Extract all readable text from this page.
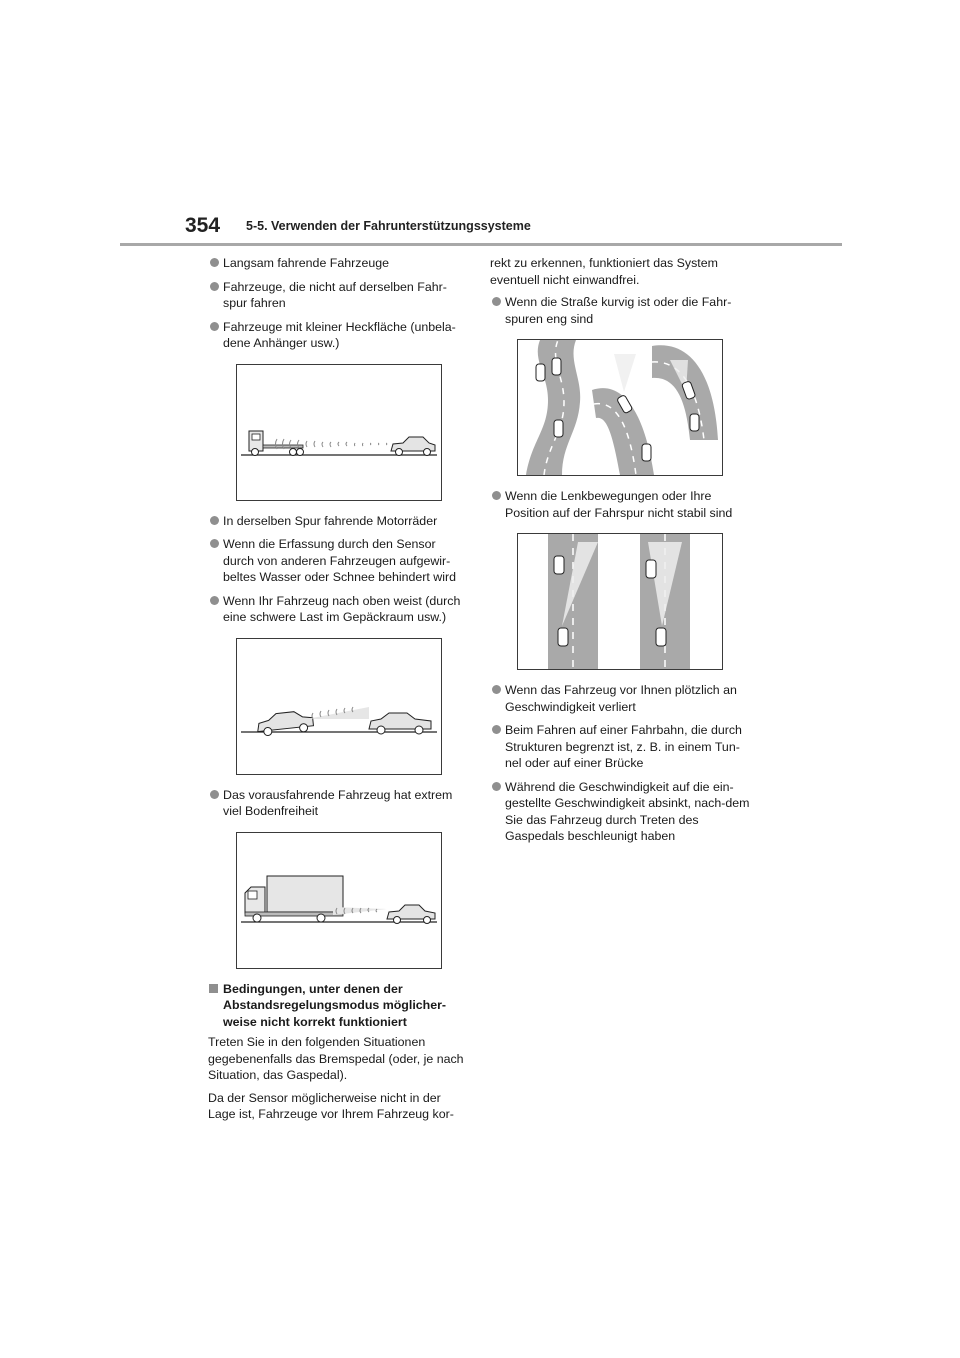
354 5-5. Verwenden der Fahrunterstützungssysteme
Langsam fahrende Fahrzeuge
Fahrzeuge, die nicht auf derselben Fahr-spur fahren
Fahrzeuge mit kleiner Heckfläche (unbela-dene Anhänger usw.)
In derselben Spur fahrende Motorräder
Wenn die Erfassung durch den Sensor durch von anderen Fahrzeugen aufgewir-beltes Wasser oder Schnee behindert wird
Wenn Ihr Fahrzeug nach oben weist (durch eine schwere Last im Gepäckraum usw.)
Das vorausfahrende Fahrzeug hat extrem viel Bodenfreiheit
Bedingungen, unter denen der Abstandsregelungsmodus möglicher-weise nicht korrekt funktioniert

Treten Sie in den folgenden Situationen gegebenenfalls das Bremspedal (oder, je nach Situation, das Gaspedal).

Da der Sensor möglicherweise nicht in der Lage ist, Fahrzeuge vor Ihrem Fahrzeug kor-

rekt zu erkennen, funktioniert das System eventuell nicht einwandfrei.

Wenn die Straße kurvig ist oder die Fahr-spuren eng sind
Wenn die Lenkbewegungen oder Ihre Position auf der Fahrspur nicht stabil sind
Wenn das Fahrzeug vor Ihnen plötzlich an Geschwindigkeit verliert
Beim Fahren auf einer Fahrbahn, die durch Strukturen begrenzt ist, z. B. in einem Tun-nel oder auf einer Brücke
Während die Geschwindigkeit auf die ein-gestellte Geschwindigkeit absinkt, nach-dem Sie das Fahrzeug durch Treten des Gaspedals beschleunigt haben
